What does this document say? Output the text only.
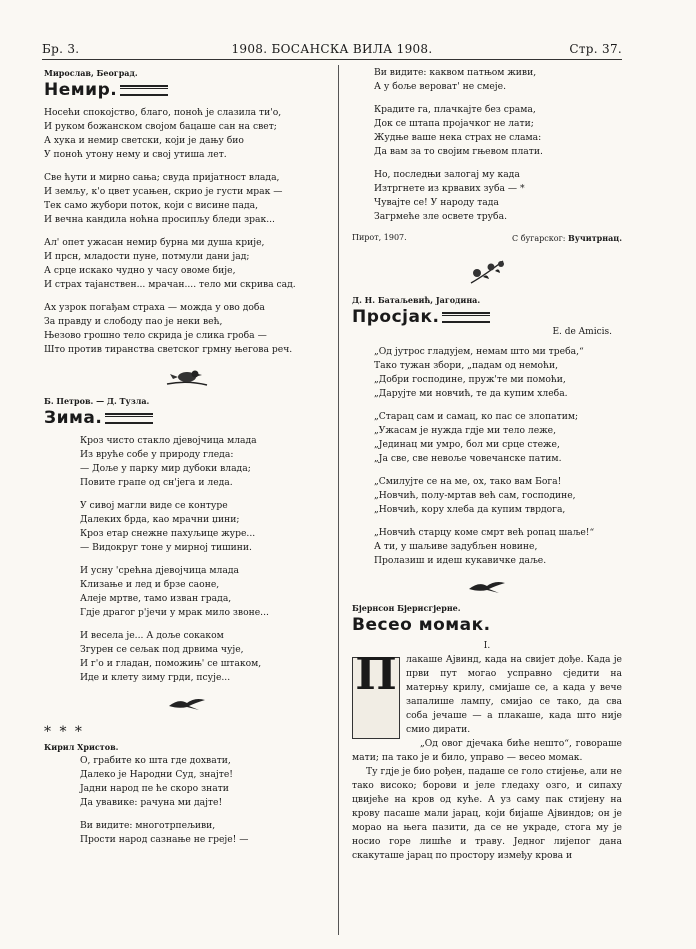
Бр. 3.	1908. БОСАНСКА ВИЛА 1908.	Стр. 37.
Мирослав, Београд.
Немир.
Носећи спокојство, благо, поноћ је слазила ти'о,
И руком божанском својом бацаше сан на свет;
А хука и немир светски, који је дању био
У поноћ утону нему и свој утиша лет.
Све ћути и мирно сања; свуда пријатност влада,
И земљу, к'о цвет усањен, скрио је густи мрак —
Тек само жубори поток, који с висине пада,
И вечна кандила ноћна просипљу бледи зрак...
Ал' опет ужасан немир бурна ми душа крије,
И прсн, младости пуне, потмули дани јад;
А срце искако чудно у часу овоме бије,
И страх тајанствен... мрачан.... тело ми скрива сад.
Ах узрок погађам страха — можда у ово доба
За правду и слободу пао је неки већ,
Њезово грошно тело скрида је слика гроба —
Што против тиранства светског грмну његова реч.
Б. Петров. — Д. Тузла.
Зима.
Кроз чисто стакло дјевојчица млада
Из вруће собе у природу гледа:
— Доље у парку мир дубоки влада;
Повите грапе од сн'јега и леда.
У сивој магли виде се контуре
Далеких брда, као мрачни џини;
Кроз етар снежне пахуљице журе...
— Видокруг тоне у мирној тишини.
И усну 'срећна дјевојчица млада
Клизање и лед и брзе саоне,
Алеје мртве, тамо изван града,
Гдје драгог р'јечи у мрак мило звоне...
И весела је... А доље сокаком
Згурен се сељак под дрвима чује,
И г'о и гладан, поможињ' се штаком,
Иде и клету зиму грди, псује...
* * *
Кирил Христов.
О, грабите ко шта где дохвати,
Далеко је Народни Суд, знајте!
Јадни народ пе ће скоро знати
Да увавике: рачуна ми дајте!
Ви видите: многотрпељиви,
Прости народ сазнање не греје! —
Ви видите: каквом патњом живи,
А у боље вероват' не смеје.
Крадите га, плачкајте без срама,
Док се штапа пројачког не лати;
Жудње ваше нека страх не слама:
Да вам за то својим гњевом плати.
Но, последњи залогај му када
Изтргнете из крвавих зуба — *
Чувајте се! У народу тада
Загрмеће зле освете труба.
Пирот, 1907.	С бугарског: Вучитрнац.
Д. Н. Батаљевић, Јагодина.
Просјак.
E. de Amicis.
„Од јутрос гладујем, немам што ми треба,“
Тако тужан збори, „падам од немоћи,
„Добри господине, пруж'те ми помоћи,
„Даруjте ми новчић, те да купим хлеба.
„Старац сам и самац, ко пас се злопатим;
„Ужасам је нужда гдје ми тело лежe,
„Јединац ми умро, бол ми срце стеже,
„Ја све, све невоље човечанске патим.
„Смилујте се на ме, ох, тако вам Бога!
„Новчић, полу-мртав већ сам, господине,
„Новчић, кору хлеба да купим тврдога,
„Новчић старцу коме смрт већ ропац шаље!“
А ти, у шаљиве задубљен новине,
Пролазиш и идеш кукавичке даље.
Бјернсон Бјерисгјерне.
Весео момак.
I.
П	лакаше Ајвинд, када на свијет дође. Када је први пут могао усправно сједити на матерњу крилу, смијаше се, а када у вече запалише лампу, смијао се тако, да сва соба јечаше — а плакаше, када што није смио дирати.

„Од овог дјечака биће нешто“, говораше мати; па тако је и било, управо — весео момак.

Ту гдје је био рођен, падаше се голо стијење, али не тако високо; борови и јеле гледаху озго, и сипаху цвијеће на кров од куће. А уз саму пак стијену на крову пасаше мали јарац, који бијаше Ајвиндов; он је морао на њега пазити, да се не украде, стога му је носио горе лишће и траву. Једног лијепог дана скакуташе јарац по простору између крова и
